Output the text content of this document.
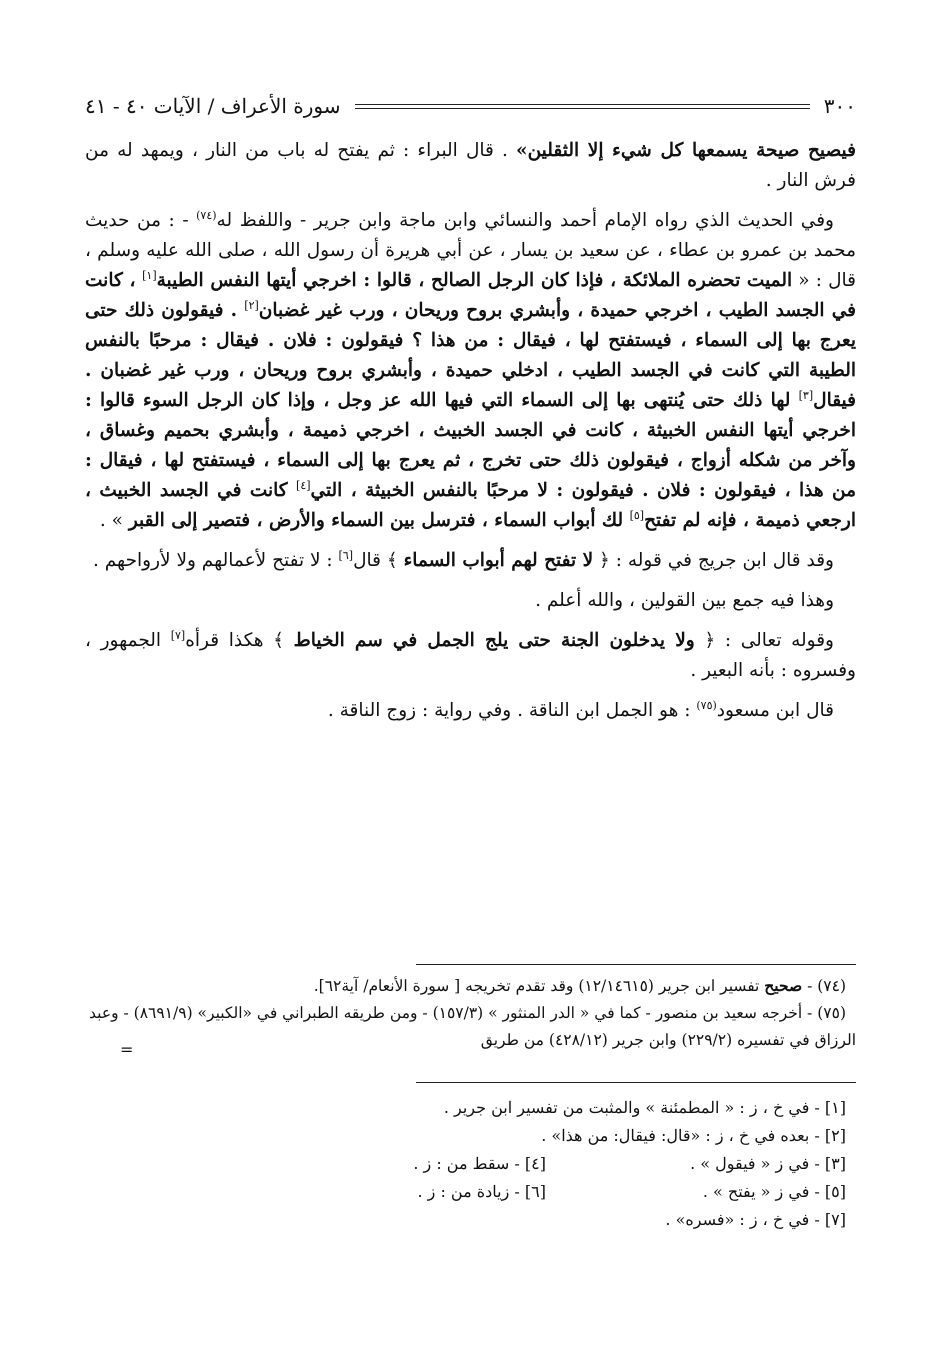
٣٠٠
سورة الأعراف / الآيات ٤٠ - ٤١

فيصيح صيحة يسمعها كل شيء إلا الثقلين» . قال البراء : ثم يفتح له باب من النار ، ويمهد له من فرش النار .

وفي الحديث الذي رواه الإمام أحمد والنسائي وابن ماجة وابن جرير - واللفظ له$^{(٧٤)}$ - : من حديث محمد بن عمرو بن عطاء ، عن سعيد بن يسار ، عن أبي هريرة أن رسول الله ، صلى الله عليه وسلم ، قال : « الميت تحضره الملائكة ، فإذا كان الرجل الصالح ، قالوا : اخرجي أيتها النفس الطيبة[١] ، كانت في الجسد الطيب ، اخرجي حميدة ، وأبشري بروح وريحان ، ورب غير غضبان[٢] . فيقولون ذلك حتى يعرج بها إلى السماء ، فيستفتح لها ، فيقال : من هذا ؟ فيقولون : فلان . فيقال : مرحبًا بالنفس الطيبة التي كانت في الجسد الطيب ، ادخلي حميدة ، وأبشري بروح وريحان ، ورب غير غضبان . فيقال[٣] لها ذلك حتى يُنتهى بها إلى السماء التي فيها الله عز وجل ، وإذا كان الرجل السوء قالوا : اخرجي أيتها النفس الخبيثة ، كانت في الجسد الخبيث ، اخرجي ذميمة ، وأبشري بحميم وغساق ، وآخر من شكله أزواج ، فيقولون ذلك حتى تخرج ، ثم يعرج بها إلى السماء ، فيستفتح لها ، فيقال : من هذا ، فيقولون : فلان . فيقولون : لا مرحبًا بالنفس الخبيثة ، التي[٤] كانت في الجسد الخبيث ، ارجعي ذميمة ، فإنه لم تفتح[٥] لك أبواب السماء ، فترسل بين السماء والأرض ، فتصير إلى القبر » .

وقد قال ابن جريج في قوله : ﴿ لا تفتح لهم أبواب السماء ﴾ قال[٦] : لا تفتح لأعمالهم ولا لأرواحهم .

وهذا فيه جمع بين القولين ، والله أعلم .

وقوله تعالى : ﴿ ولا يدخلون الجنة حتى يلج الجمل في سم الخياط ﴾ هكذا قرأه[٧] الجمهور ، وفسروه : بأنه البعير .

قال ابن مسعود$^{(٧٥)}$ : هو الجمل ابن الناقة . وفي رواية : زوج الناقة .

(٧٤) - صحيح تفسير ابن جرير (١٢/١٤٦١٥) وقد تقدم تخريجه [ سورة الأنعام/ آية٦٢].

(٧٥) - أخرجه سعيد بن منصور - كما في « الدر المنثور » (١٥٧/٣) - ومن طريقه الطبراني في «الكبير» (٨٦٩١/٩) - وعبد الرزاق في تفسيره (٢٢٩/٢) وابن جرير (٤٢٨/١٢) من طريق

=
[١] - في خ ، ز : « المطمئنة » والمثبت من تفسير ابن جرير .
[٢] - بعده في خ ، ز : «قال: فيقال: من هذا» .
[٣] - في ز « فيقول » .
[٤] - سقط من : ز .
[٥] - في ز « يفتح » .
[٦] - زيادة من : ز .
[٧] - في خ ، ز : «فسره» .
